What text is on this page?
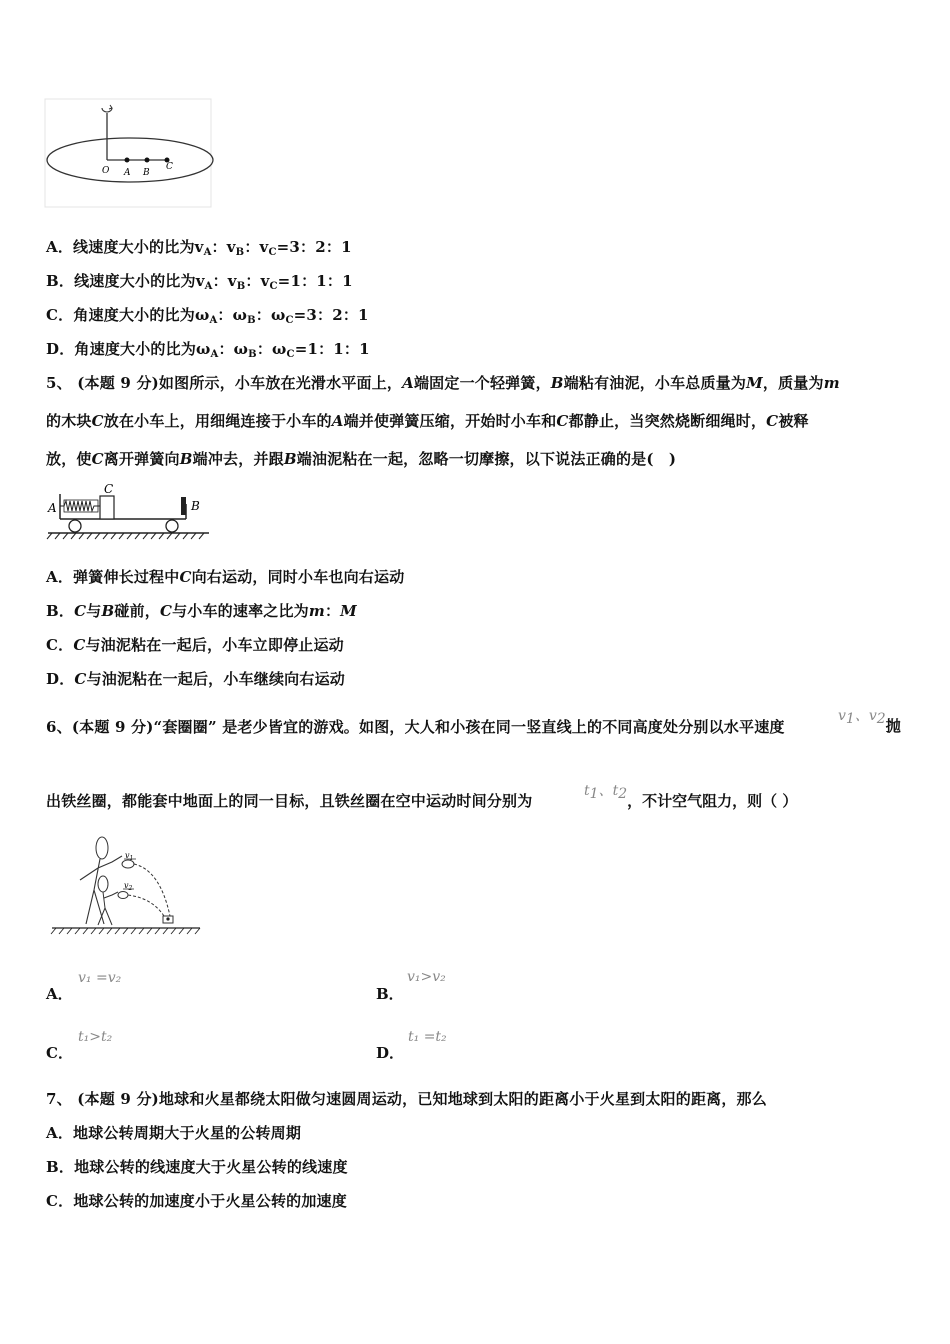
O A B
C
A．线速度大小的比为$v_A$：$v_B$：$v_C=3$：2：1
B．线速度大小的比为$v_A$：$v_B$：$v_C=1$：1：1
C．角速度大小的比为$\omega_A$：$\omega_B$：$\omega_C=3$：2：1
D．角速度大小的比为$\omega_A$：$\omega_B$：$\omega_C=1$：1：1
5、 (本题 9 分)如图所示，小车放在光滑水平面上，A端固定一个轻弹簧，B端粘有油泥，小车总质量为M，质量为m
的木块C放在小车上，用细绳连接于小车的A端并使弹簧压缩，开始时小车和C都静止，当突然烧断细绳时，C被释
放，使C离开弹簧向B端冲去，并跟B端油泥粘在一起，忽略一切摩擦，以下说法正确的是(　)
C
A	B
A．弹簧伸长过程中C向右运动，同时小车也向右运动
B．C与B碰前，C与小车的速率之比为m：M
C．C与油泥粘在一起后，小车立即停止运动
D．C与油泥粘在一起后，小车继续向右运动
6、(本题 9 分)“套圈圈” 是老少皆宜的游戏。如图，大人和小孩在同一竖直线上的不同高度处分别以水平速度
v1、v2抛
出铁丝圈，都能套中地面上的同一目标，且铁丝圈在空中运动时间分别为
t1、t2，不计空气阻力，则（ ）
$v_1$
$v_2$
A．
v₁ =v₂
B．
v₁>v₂
C．
t₁>t₂
D．
t₁ =t₂
7、 (本题 9 分)地球和火星都绕太阳做匀速圆周运动，已知地球到太阳的距离小于火星到太阳的距离，那么
A．地球公转周期大于火星的公转周期
B．地球公转的线速度大于火星公转的线速度
C．地球公转的加速度小于火星公转的加速度
